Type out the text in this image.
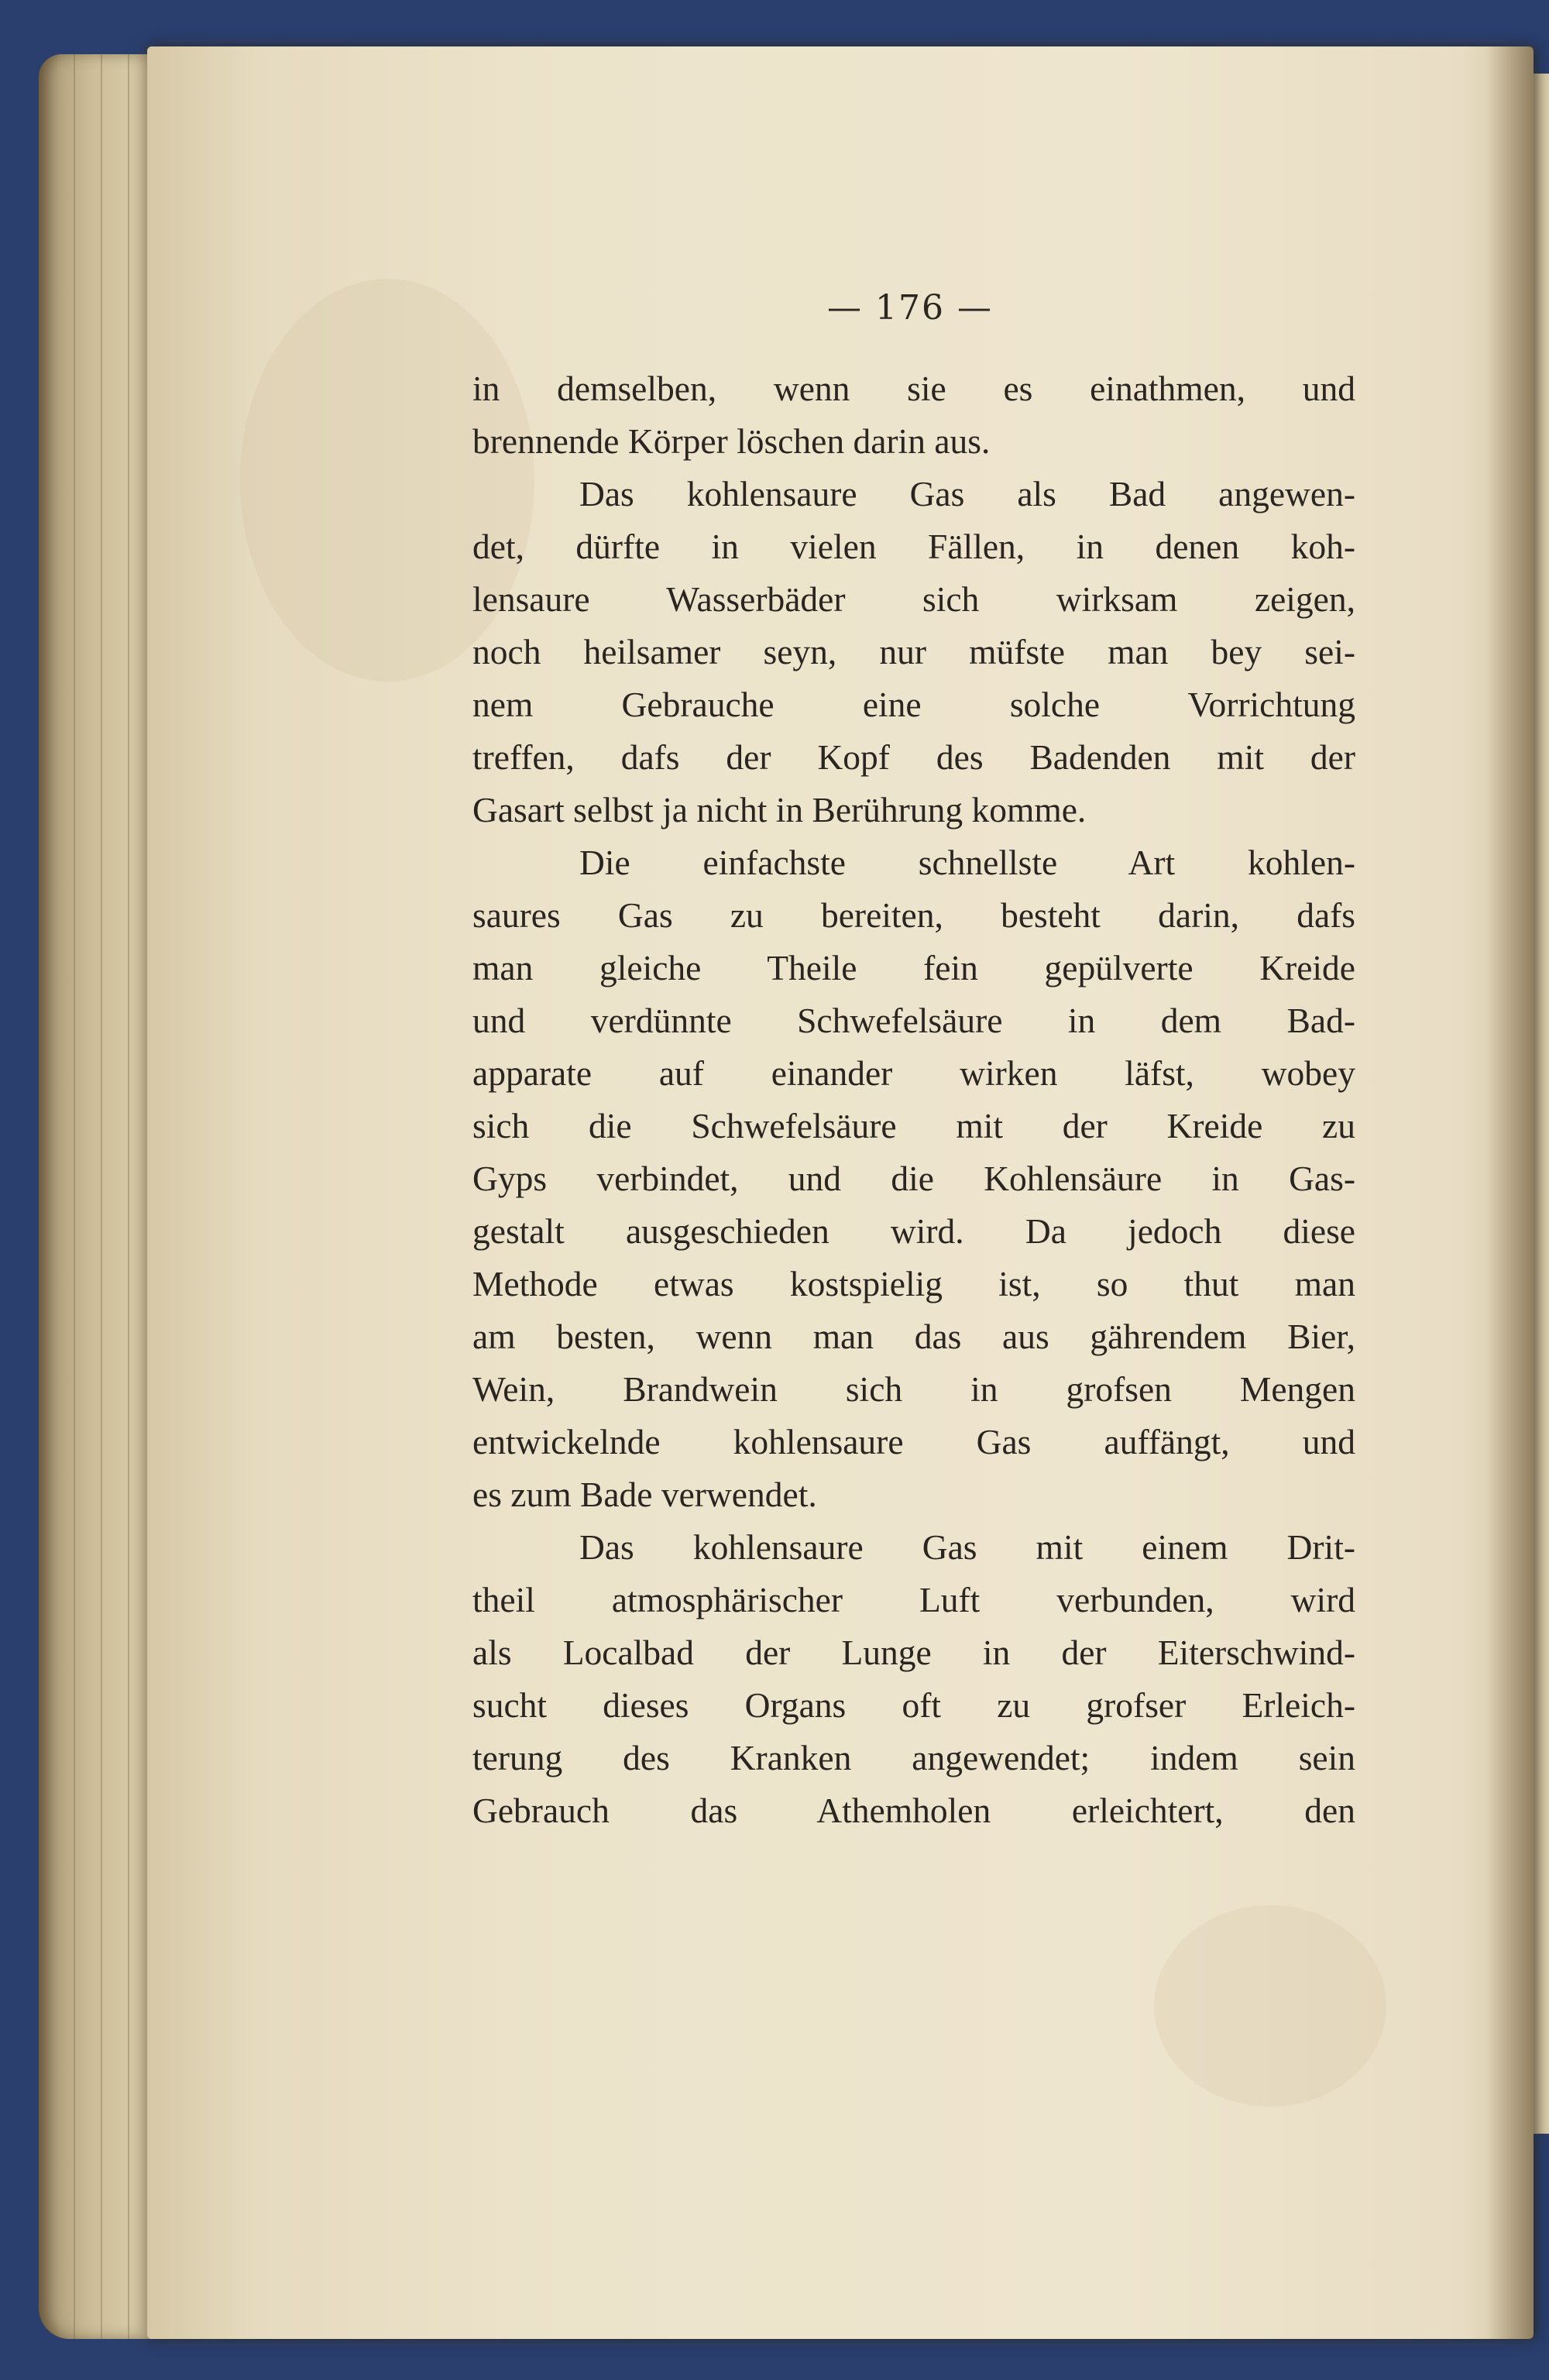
— 176 —
in demselben, wenn sie es einathmen, und
brennende Körper löschen darin aus.
Das kohlensaure Gas als Bad angewen-
det, dürfte in vielen Fällen, in denen koh-
lensaure Wasserbäder sich wirksam zeigen,
noch heilsamer seyn, nur müfste man bey sei-
nem Gebrauche eine solche Vorrichtung
treffen, dafs der Kopf des Badenden mit der
Gasart selbst ja nicht in Berührung komme.
Die einfachste schnellste Art kohlen-
saures Gas zu bereiten, besteht darin, dafs
man gleiche Theile fein gepülverte Kreide
und verdünnte Schwefelsäure in dem Bad-
apparate auf einander wirken läfst, wobey
sich die Schwefelsäure mit der Kreide zu
Gyps verbindet, und die Kohlensäure in Gas-
gestalt ausgeschieden wird. Da jedoch diese
Methode etwas kostspielig ist, so thut man
am besten, wenn man das aus gährendem Bier,
Wein, Brandwein sich in grofsen Mengen
entwickelnde kohlensaure Gas auffängt, und
es zum Bade verwendet.
Das kohlensaure Gas mit einem Drit-
theil atmosphärischer Luft verbunden, wird
als Localbad der Lunge in der Eiterschwind-
sucht dieses Organs oft zu grofser Erleich-
terung des Kranken angewendet; indem sein
Gebrauch das Athemholen erleichtert, den
